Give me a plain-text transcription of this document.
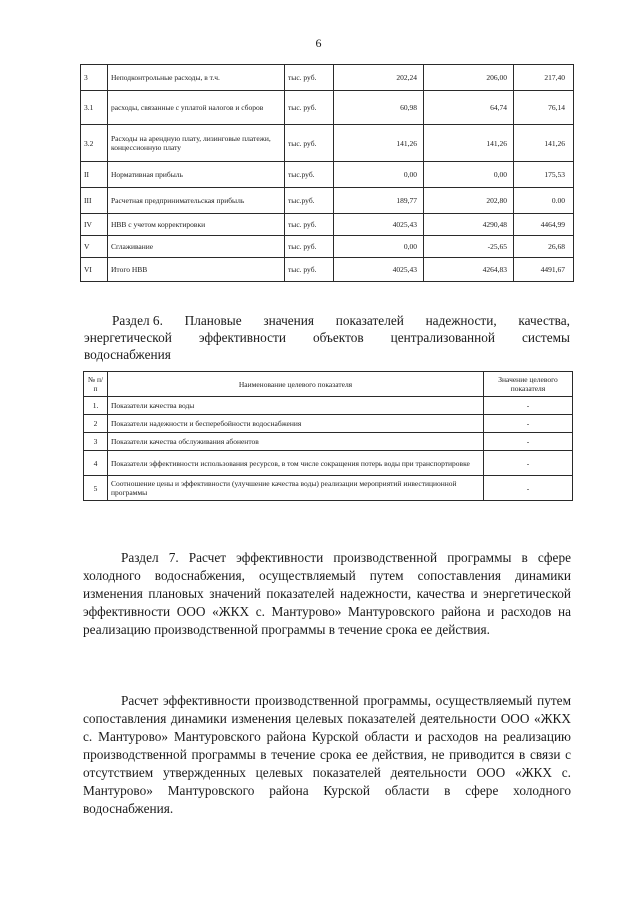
6
3	Неподконтрольные расходы, в т.ч.	тыс. руб.	202,24	206,00	217,40
3.1	расходы, связанные с уплатой налогов и сборов	тыс. руб.	60,98	64,74	76,14
3.2	Расходы на арендную плату, лизинговые платежи, концессионную плату	тыс. руб.	141,26	141,26	141,26
II	Нормативная прибыль	тыс.руб.	0,00	0,00	175,53
III	Расчетная предпринимательская прибыль	тыс.руб.	189,77	202,80	0.00
IV	НВВ с учетом корректировки	тыс. руб.	4025,43	4290,48	4464,99
V	Сглаживание	тыс. руб.	0,00	-25,65	26,68
VI	Итого НВВ	тыс. руб.	4025,43	4264,83	4491,67
Раздел 6. Плановые значения показателей надежности, качества,
энергетической эффективности объектов централизованной системы
водоснабжения
№ п/п	Наименование целевого показателя	Значение целевого показателя
1.	Показатели качества воды	-
2	Показатели надежности и бесперебойности водоснабжения	-
3	Показатели качества обслуживания абонентов	-
4	Показатели эффективности использования ресурсов, в том числе сокращения потерь воды при транспортировке	-
5	Соотношение цены и эффективности (улучшение качества воды) реализации мероприятий инвестиционной программы	-

Раздел 7. Расчет эффективности производственной программы в сфере холодного водоснабжения, осуществляемый путем сопоставления динамики изменения плановых значений показателей надежности, качества и энергетической эффективности ООО «ЖКХ с. Мантурово» Мантуровского района и расходов на реализацию производственной программы в течение срока ее действия.

Расчет эффективности производственной программы, осуществляемый путем сопоставления динамики изменения целевых показателей деятельности ООО «ЖКХ с. Мантурово» Мантуровского района Курской области и расходов на реализацию производственной программы в течение срока ее действия, не приводится в связи с отсутствием утвержденных целевых показателей деятельности ООО «ЖКХ с. Мантурово» Мантуровского района Курской области в сфере холодного водоснабжения.
